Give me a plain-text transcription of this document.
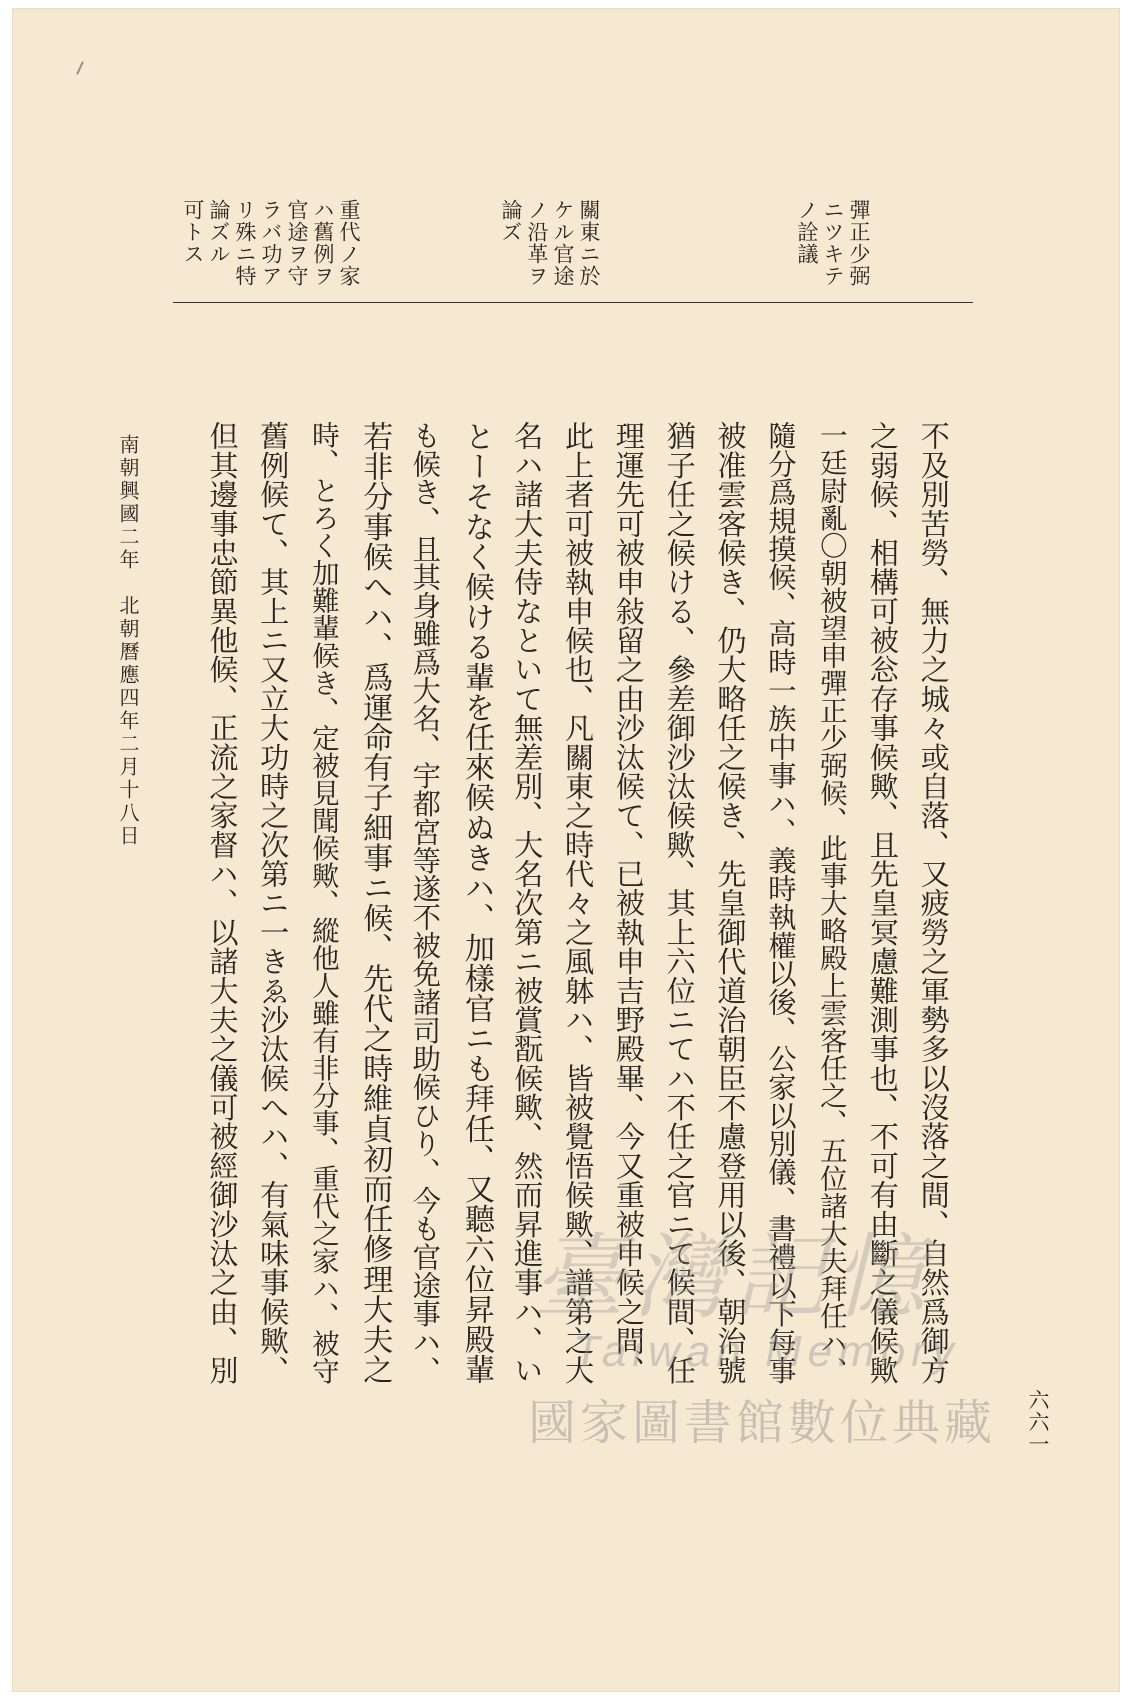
彈正少弼
ニツキテ
ノ詮議
關東ニ於
ケル官途
ノ沿革ヲ
論ズ
重代ノ家
ハ舊例ヲ
官途ヲ守
ラバ功ア
リ殊ニ特
論ズル
可トス
不及別苦勞、無力之城々或自落、又疲勞之軍勢多以沒落之間、自然爲御方
之弱候、相構可被忩存事候歟、且先皇冥慮難測事也、不可有由斷之儀候歟
一廷尉亂〇朝被望申彈正少弼候、此事大略殿上雲客任之、五位諸大夫拜任ハ、
隨分爲規摸候、高時一族中事ハ、義時執權以後、公家以別儀、書禮以下每事
被准雲客候き、仍大略任之候き、先皇御代道治朝臣不慮登用以後、朝治號
猶子任之候ける、參差御沙汰候歟、其上六位ニてハ不任之官ニて候間、任
理運先可被申敍留之由沙汰候て、已被執申吉野殿畢、今又重被申候之間、
此上者可被執申候也、凡關東之時代々之風躰ハ、皆被覺悟候歟、譜第之大
名ハ諸大夫侍なといて無差別、大名次第ニ被賞翫候歟、然而昇進事ハ、い
とーそなく候ける輩を任來候ぬきハ、加樣官ニも拜任、又聽六位昇殿輩
も候き、且其身雖爲大名、宇都宮等遂不被免諸司助候ひり、今も官途事ハ、
若非分事候へハ、爲運命有子細事ニ候、先代之時維貞初而任修理大夫之
時、とろく加難輩候き、定被見聞候歟、縱他人雖有非分事、重代之家ハ、被守
舊例候て、其上ニ又立大功時之次第ニ一きゑ沙汰候へハ、有氣味事候歟、
但其邊事忠節異他候、正流之家督ハ、以諸大夫之儀可被經御沙汰之由、別
南朝興國二年　北朝曆應四年二月十八日
六六一
臺灣記憶
Taiwan Memory
國家圖書館數位典藏
